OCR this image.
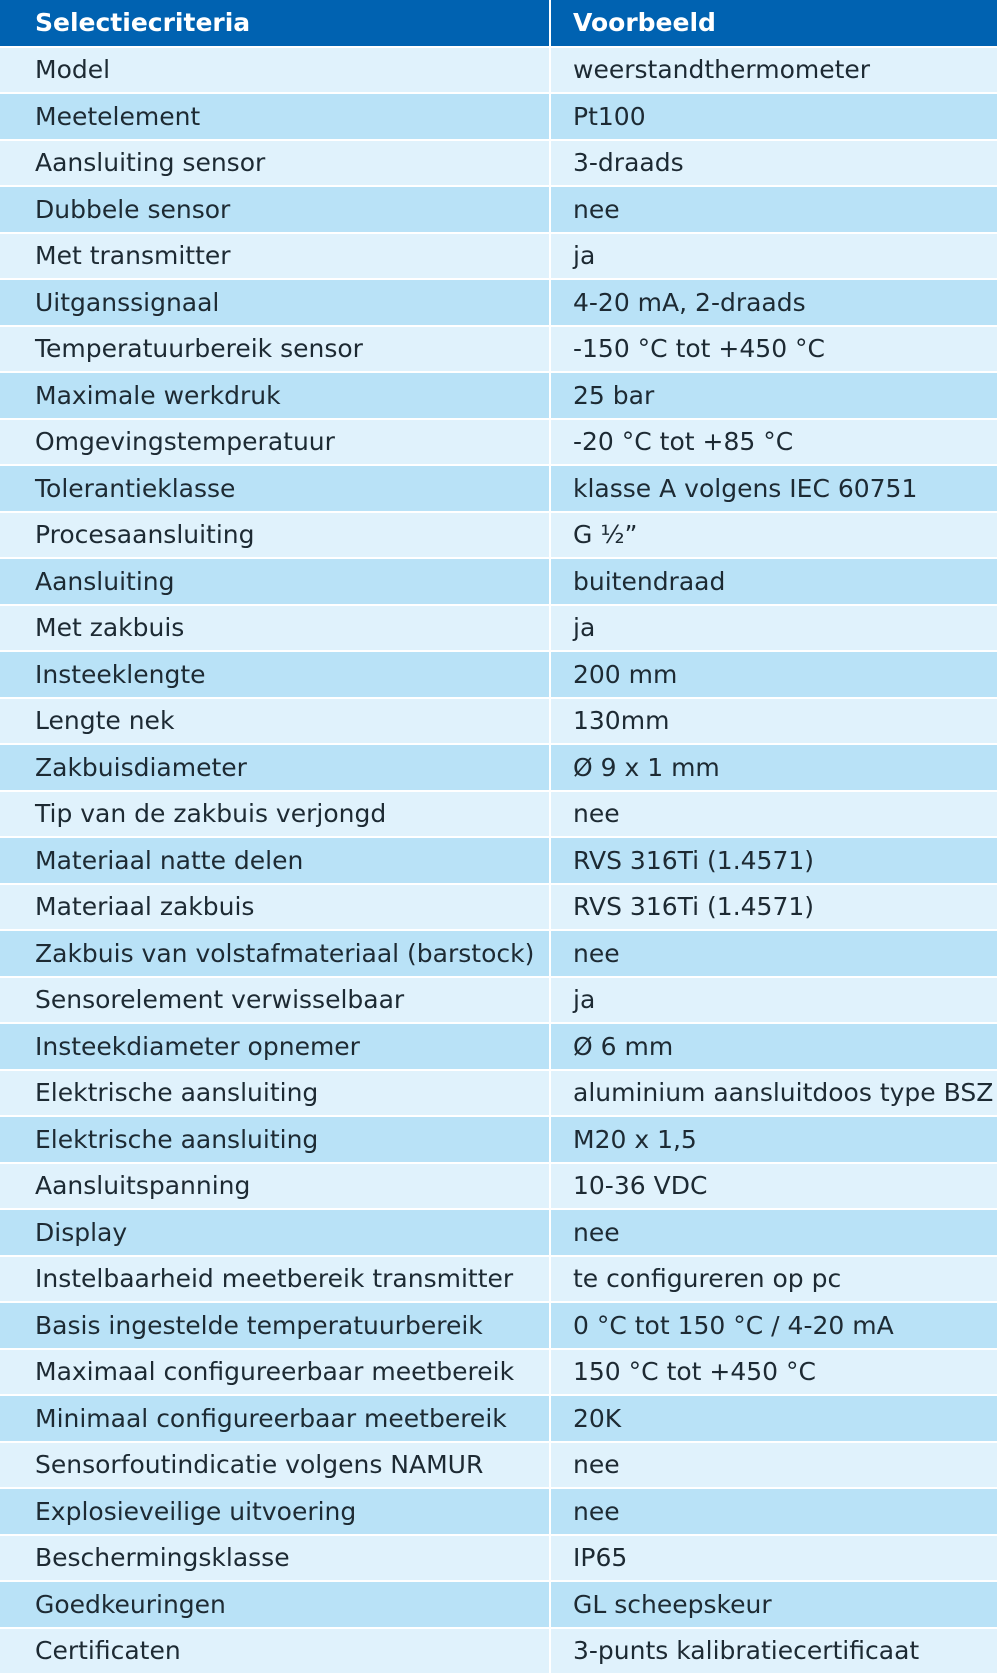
Selectiecriteria	Voorbeeld
Model	weerstandthermometer
Meetelement	Pt100
Aansluiting sensor	3-draads
Dubbele sensor	nee
Met transmitter	ja
Uitganssignaal	4-20 mA, 2-draads
Temperatuurbereik sensor	-150 °C tot +450 °C
Maximale werkdruk	25 bar
Omgevingstemperatuur	-20 °C tot +85 °C
Tolerantieklasse	klasse A volgens IEC 60751
Procesaansluiting	G ½”
Aansluiting	buitendraad
Met zakbuis	ja
Insteeklengte	200 mm
Lengte nek	130mm
Zakbuisdiameter	Ø 9 x 1 mm
Tip van de zakbuis verjongd	nee
Materiaal natte delen	RVS 316Ti (1.4571)
Materiaal zakbuis	RVS 316Ti (1.4571)
Zakbuis van volstafmateriaal (barstock)	nee
Sensorelement verwisselbaar	ja
Insteekdiameter opnemer	Ø 6 mm
Elektrische aansluiting	aluminium aansluitdoos type BSZ
Elektrische aansluiting	M20 x 1,5
Aansluitspanning	10-36 VDC
Display	nee
Instelbaarheid meetbereik transmitter	te configureren op pc
Basis ingestelde temperatuurbereik	0 °C tot 150 °C / 4-20 mA
Maximaal configureerbaar meetbereik	150 °C tot +450 °C
Minimaal configureerbaar meetbereik	20K
Sensorfoutindicatie volgens NAMUR	nee
Explosieveilige uitvoering	nee
Beschermingsklasse	IP65
Goedkeuringen	GL scheepskeur
Certificaten	3-punts kalibratiecertificaat
